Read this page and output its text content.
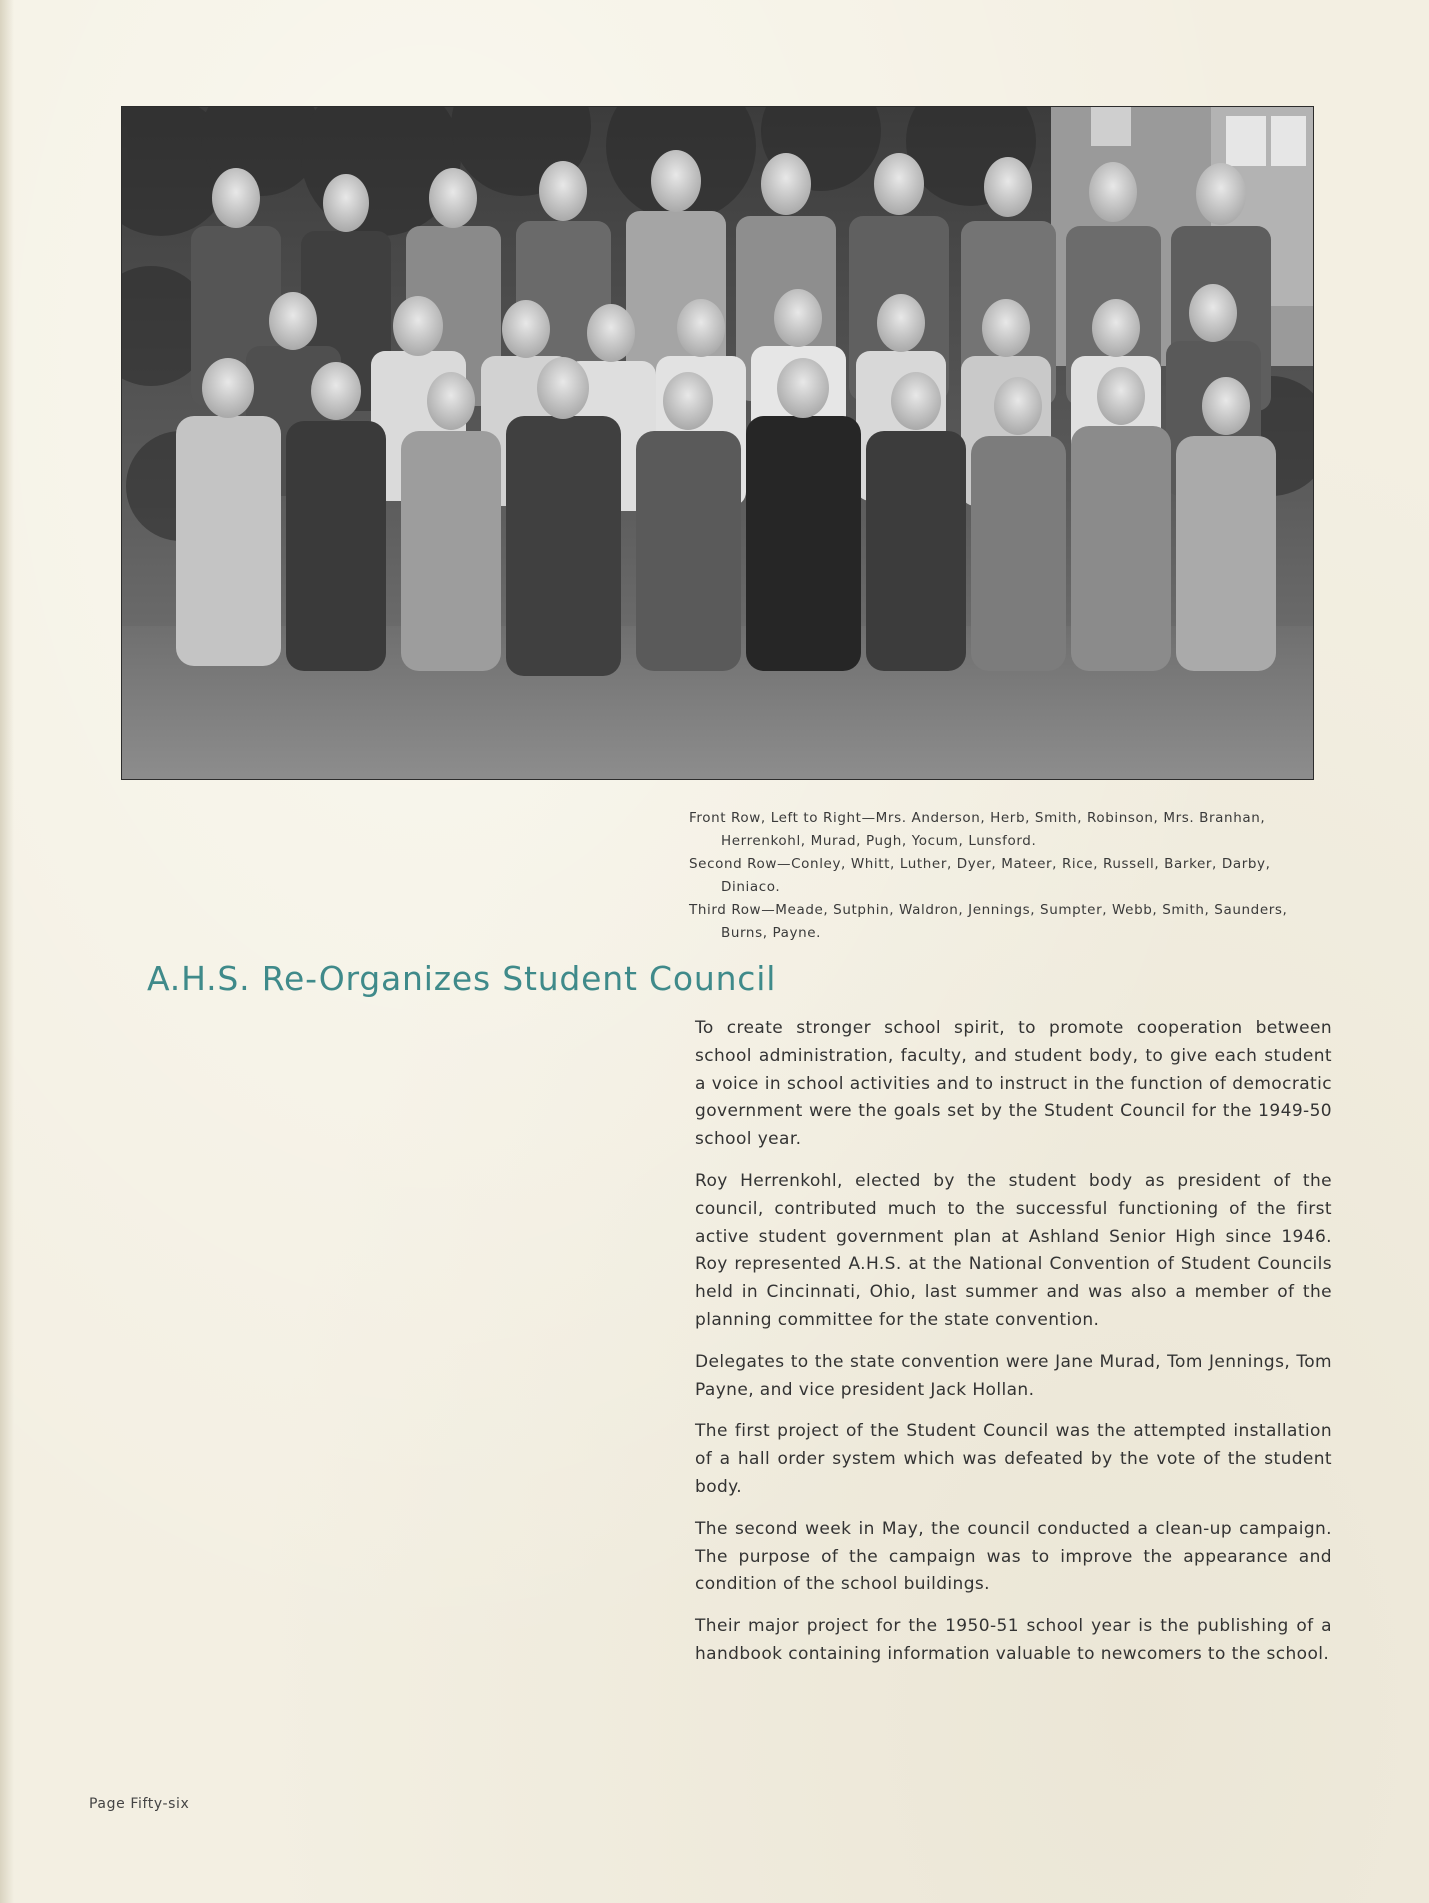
Front Row, Left to Right—Mrs. Anderson, Herb, Smith, Robinson, Mrs. Branhan, Herrenkohl, Murad, Pugh, Yocum, Lunsford.

Second Row—Conley, Whitt, Luther, Dyer, Mateer, Rice, Russell, Barker, Darby, Diniaco.

Third Row—Meade, Sutphin, Waldron, Jennings, Sumpter, Webb, Smith, Saunders, Burns, Payne.

A.H.S. Re-Organizes Student Council

To create stronger school spirit, to promote cooperation between school administration, faculty, and student body, to give each student a voice in school activities and to instruct in the function of democratic government were the goals set by the Student Council for the 1949-50 school year.

Roy Herrenkohl, elected by the student body as president of the council, contributed much to the successful functioning of the first active student government plan at Ashland Senior High since 1946. Roy represented A.H.S. at the National Convention of Student Councils held in Cincinnati, Ohio, last summer and was also a member of the planning committee for the state convention.

Delegates to the state convention were Jane Murad, Tom Jennings, Tom Payne, and vice president Jack Hollan.

The first project of the Student Council was the attempted installation of a hall order system which was defeated by the vote of the student body.

The second week in May, the council conducted a clean-up campaign. The purpose of the campaign was to improve the appearance and condition of the school buildings.

Their major project for the 1950-51 school year is the publishing of a handbook containing information valuable to newcomers to the school.

Page Fifty-six
